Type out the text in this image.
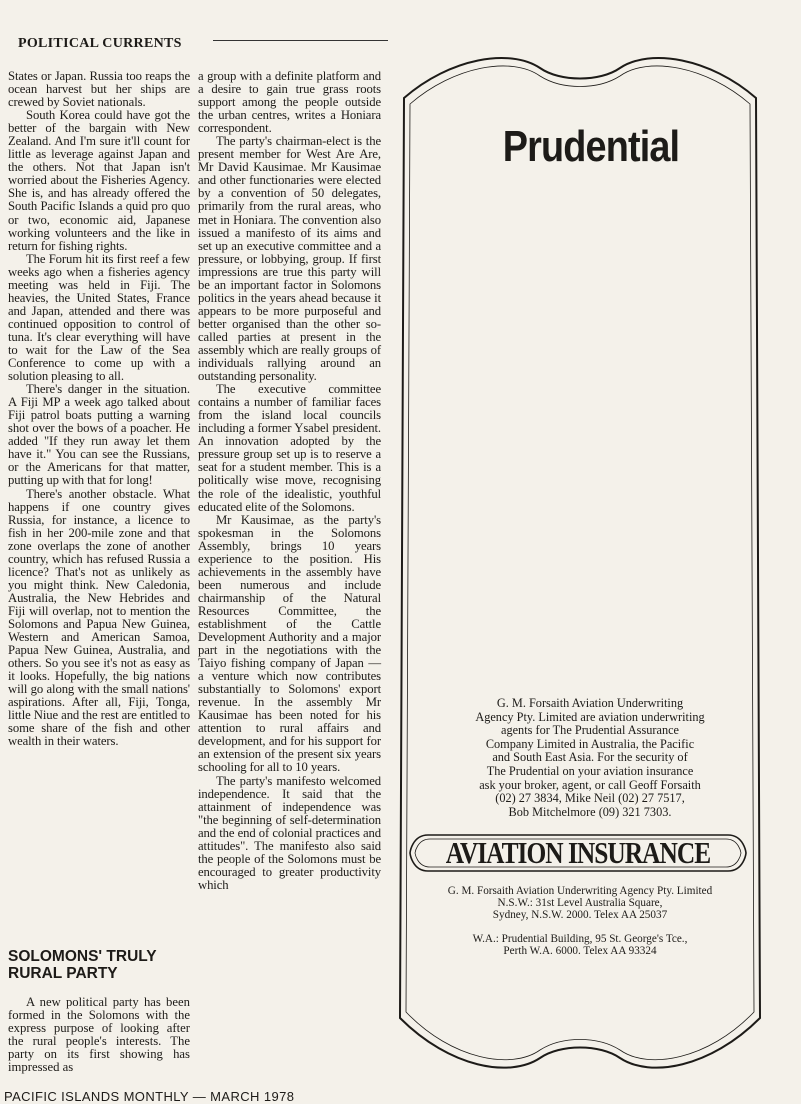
POLITICAL CURRENTS

States or Japan. Russia too reaps the ocean harvest but her ships are crewed by Soviet nationals.

South Korea could have got the better of the bargain with New Zealand. And I'm sure it'll count for little as leverage against Japan and the others. Not that Japan isn't worried about the Fisheries Agency. She is, and has already offered the South Pacific Islands a quid pro quo or two, economic aid, Japanese working volunteers and the like in return for fishing rights.

The Forum hit its first reef a few weeks ago when a fisheries agency meeting was held in Fiji. The heavies, the United States, France and Japan, attended and there was continued opposition to control of tuna. It's clear everything will have to wait for the Law of the Sea Conference to come up with a solution pleasing to all.

There's danger in the situation. A Fiji MP a week ago talked about Fiji patrol boats putting a warning shot over the bows of a poacher. He added "If they run away let them have it." You can see the Russians, or the Americans for that matter, putting up with that for long!

There's another obstacle. What happens if one country gives Russia, for instance, a licence to fish in her 200-mile zone and that zone overlaps the zone of another country, which has refused Russia a licence? That's not as unlikely as you might think. New Caledonia, Australia, the New Hebrides and Fiji will overlap, not to mention the Solomons and Papua New Guinea, Western and American Samoa, Papua New Guinea, Australia, and others. So you see it's not as easy as it looks. Hopefully, the big nations will go along with the small nations' aspirations. After all, Fiji, Tonga, little Niue and the rest are entitled to some share of the fish and other wealth in their waters.

SOLOMONS' TRULY
RURAL PARTY

A new political party has been formed in the Solomons with the express purpose of looking after the rural people's interests. The party on its first showing has impressed as

a group with a definite platform and a desire to gain true grass roots support among the people outside the urban centres, writes a Honiara correspondent.

The party's chairman-elect is the present member for West Are Are, Mr David Kausimae. Mr Kausimae and other functionaries were elected by a convention of 50 delegates, primarily from the rural areas, who met in Honiara. The convention also issued a manifesto of its aims and set up an executive committee and a pressure, or lobbying, group. If first impressions are true this party will be an important factor in Solomons politics in the years ahead because it appears to be more purposeful and better organised than the other so-called parties at present in the assembly which are really groups of individuals rallying around an outstanding personality.

The executive committee contains a number of familiar faces from the island local councils including a former Ysabel president. An innovation adopted by the pressure group set up is to reserve a seat for a student member. This is a politically wise move, recognising the role of the idealistic, youthful educated elite of the Solomons.

Mr Kausimae, as the party's spokesman in the Solomons Assembly, brings 10 years experience to the position. His achievements in the assembly have been numerous and include chairmanship of the Natural Resources Committee, the establishment of the Cattle Development Authority and a major part in the negotiations with the Taiyo fishing company of Japan — a venture which now contributes substantially to Solomons' export revenue. In the assembly Mr Kausimae has been noted for his attention to rural affairs and development, and for his support for an extension of the present six years schooling for all to 10 years.

The party's manifesto welcomed independence. It said that the attainment of independence was "the beginning of self-determination and the end of colonial practices and attitudes". The manifesto also said the people of the Solomons must be encouraged to greater productivity which

Prudential
G. M. Forsaith Aviation Underwriting
Agency Pty. Limited are aviation underwriting
agents for The Prudential Assurance
Company Limited in Australia, the Pacific
and South East Asia. For the security of
The Prudential on your aviation insurance
ask your broker, agent, or call Geoff Forsaith
(02) 27 3834, Mike Neil (02) 27 7517,
Bob Mitchelmore (09) 321 7303.
AVIATION INSURANCE
G. M. Forsaith Aviation Underwriting Agency Pty. Limited
N.S.W.: 31st Level Australia Square,
Sydney, N.S.W. 2000. Telex AA 25037
W.A.: Prudential Building, 95 St. George's Tce.,
Perth W.A. 6000. Telex AA 93324
PACIFIC ISLANDS MONTHLY — MARCH 1978
